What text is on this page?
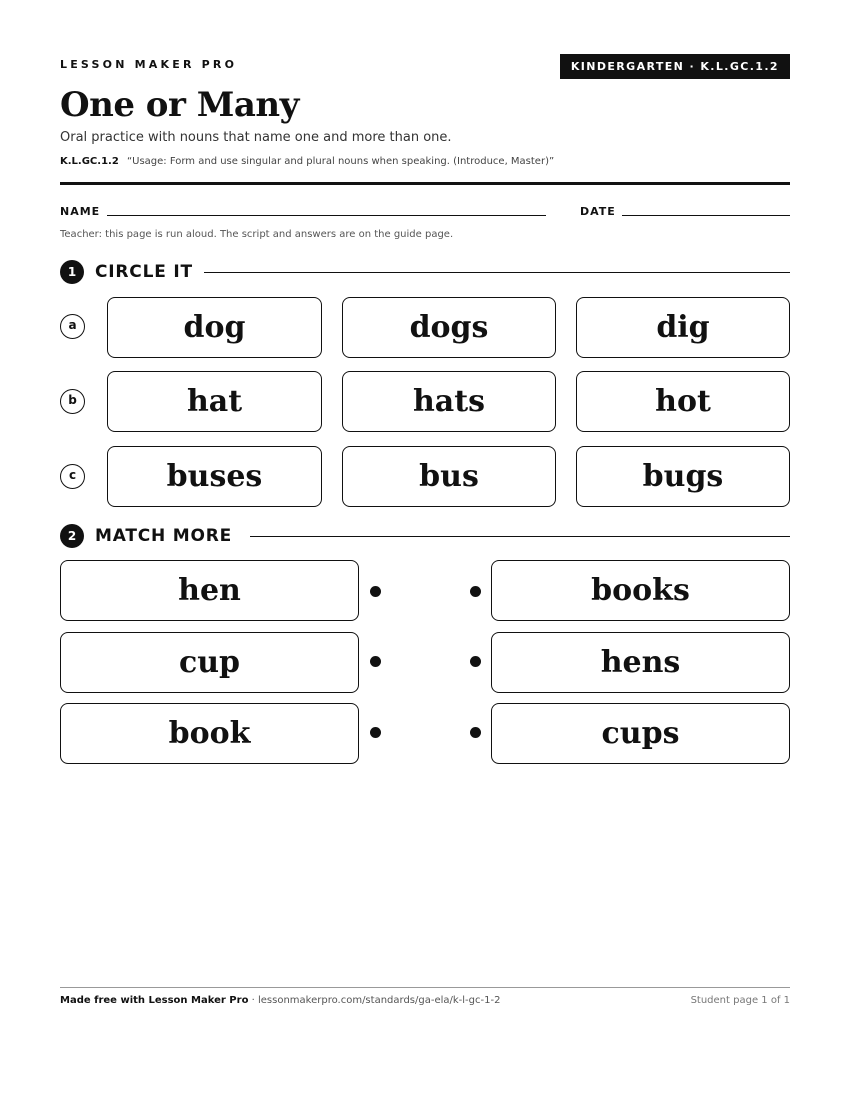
LESSON MAKER PRO	KINDERGARTEN · K.L.GC.1.2
One or Many
Oral practice with nouns that name one and more than one.
K.L.GC.1.2 “Usage: Form and use singular and plural nouns when speaking. (Introduce, Master)”
NAME	DATE
Teacher: this page is run aloud. The script and answers are on the guide page.
1	CIRCLE IT
a	dog	dogs	dig
b	hat	hats	hot
c	buses	bus	bugs
2	MATCH MORE
hen	books
cup	hens
book	cups
Made free with Lesson Maker Pro · lessonmakerpro.com/standards/ga-ela/k-l-gc-1-2	Student page 1 of 1
